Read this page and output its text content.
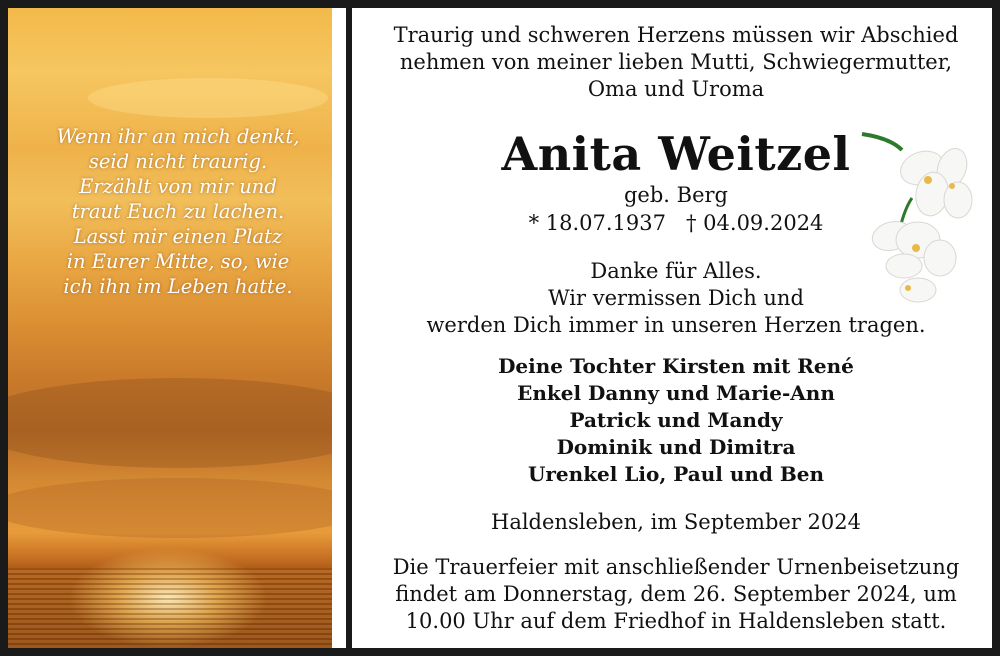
Wenn ihr an mich denkt,
seid nicht traurig.
Erzählt von mir und
traut Euch zu lachen.
Lasst mir einen Platz
in Eurer Mitte, so, wie
ich ihn im Leben hatte.
Traurig und schweren Herzens müssen wir Abschied
nehmen von meiner lieben Mutti, Schwiegermutter,
Oma und Uroma
Anita Weitzel
geb. Berg
* 18.07.1937   † 04.09.2024
Danke für Alles.
Wir vermissen Dich und
werden Dich immer in unseren Herzen tragen.
Deine Tochter Kirsten mit René
Enkel Danny und Marie-Ann
Patrick und Mandy
Dominik und Dimitra
Urenkel Lio, Paul und Ben
Haldensleben, im September 2024
Die Trauerfeier mit anschließender Urnenbeisetzung
findet am Donnerstag, dem 26. September 2024, um
10.00 Uhr auf dem Friedhof in Haldensleben statt.
